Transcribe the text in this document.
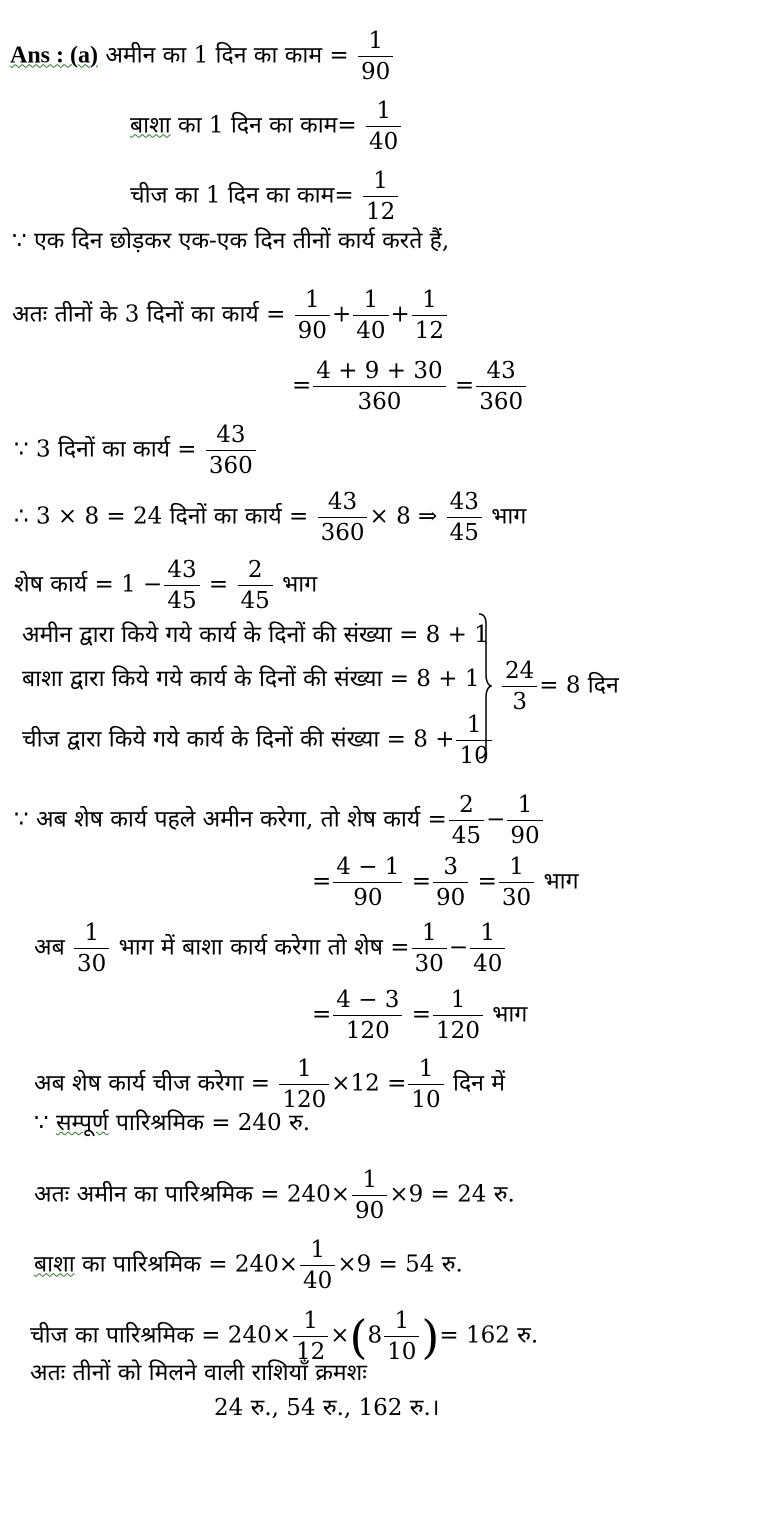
Ans : (a) अमीन का 1 दिन का काम = $\frac{1}{90}$
बाशा का 1 दिन का काम= $\frac{1}{40}$
चीज का 1 दिन का काम= $\frac{1}{12}$
∵ एक दिन छोड़कर एक-एक दिन तीनों कार्य करते हैं,
अतः तीनों के 3 दिनों का कार्य = $\frac{1}{90} + \frac{1}{40} + \frac{1}{12}$
= $\frac{4 + 9 + 30}{360} = \frac{43}{360}$
∵ 3 दिनों का कार्य = $\frac{43}{360}$
∴ 3 × 8 = 24 दिनों का कार्य = $\frac{43}{360} \times 8$ ⇒ $\frac{43}{45}$ भाग
शेष कार्य = $1 - \frac{43}{45} = \frac{2}{45}$ भाग
अमीन द्वारा किये गये कार्य के दिनों की संख्या = 8 + 1
बाशा द्वारा किये गये कार्य के दिनों की संख्या = 8 + 1
चीज द्वारा किये गये कार्य के दिनों की संख्या = $8 + \frac{1}{10}$
$\frac{24}{3} = 8$ दिन
∵ अब शेष कार्य पहले अमीन करेगा, तो शेष कार्य = $\frac{2}{45} - \frac{1}{90}$
= $\frac{4 - 1}{90} = \frac{3}{90} = \frac{1}{30}$ भाग
अब $\frac{1}{30}$ भाग में बाशा कार्य करेगा तो शेष = $\frac{1}{30} - \frac{1}{40}$
= $\frac{4 - 3}{120} = \frac{1}{120}$ भाग
अब शेष कार्य चीज करेगा = $\frac{1}{120} \times 12 = \frac{1}{10}$ दिन में
∵ सम्पूर्ण पारिश्रमिक = 240 रु.
अतः अमीन का पारिश्रमिक = $240\times \frac{1}{90} \times 9 = 24$ रु.
बाशा का पारिश्रमिक = $240\times \frac{1}{40} \times 9 = 54$ रु.
चीज का पारिश्रमिक = $240\times \frac{1}{12} \times(8 \frac{1}{10}$ )= 162 रु.
अतः तीनों को मिलने वाली राशियाँ क्रमशः
24 रु., 54 रु., 162 रु.।
